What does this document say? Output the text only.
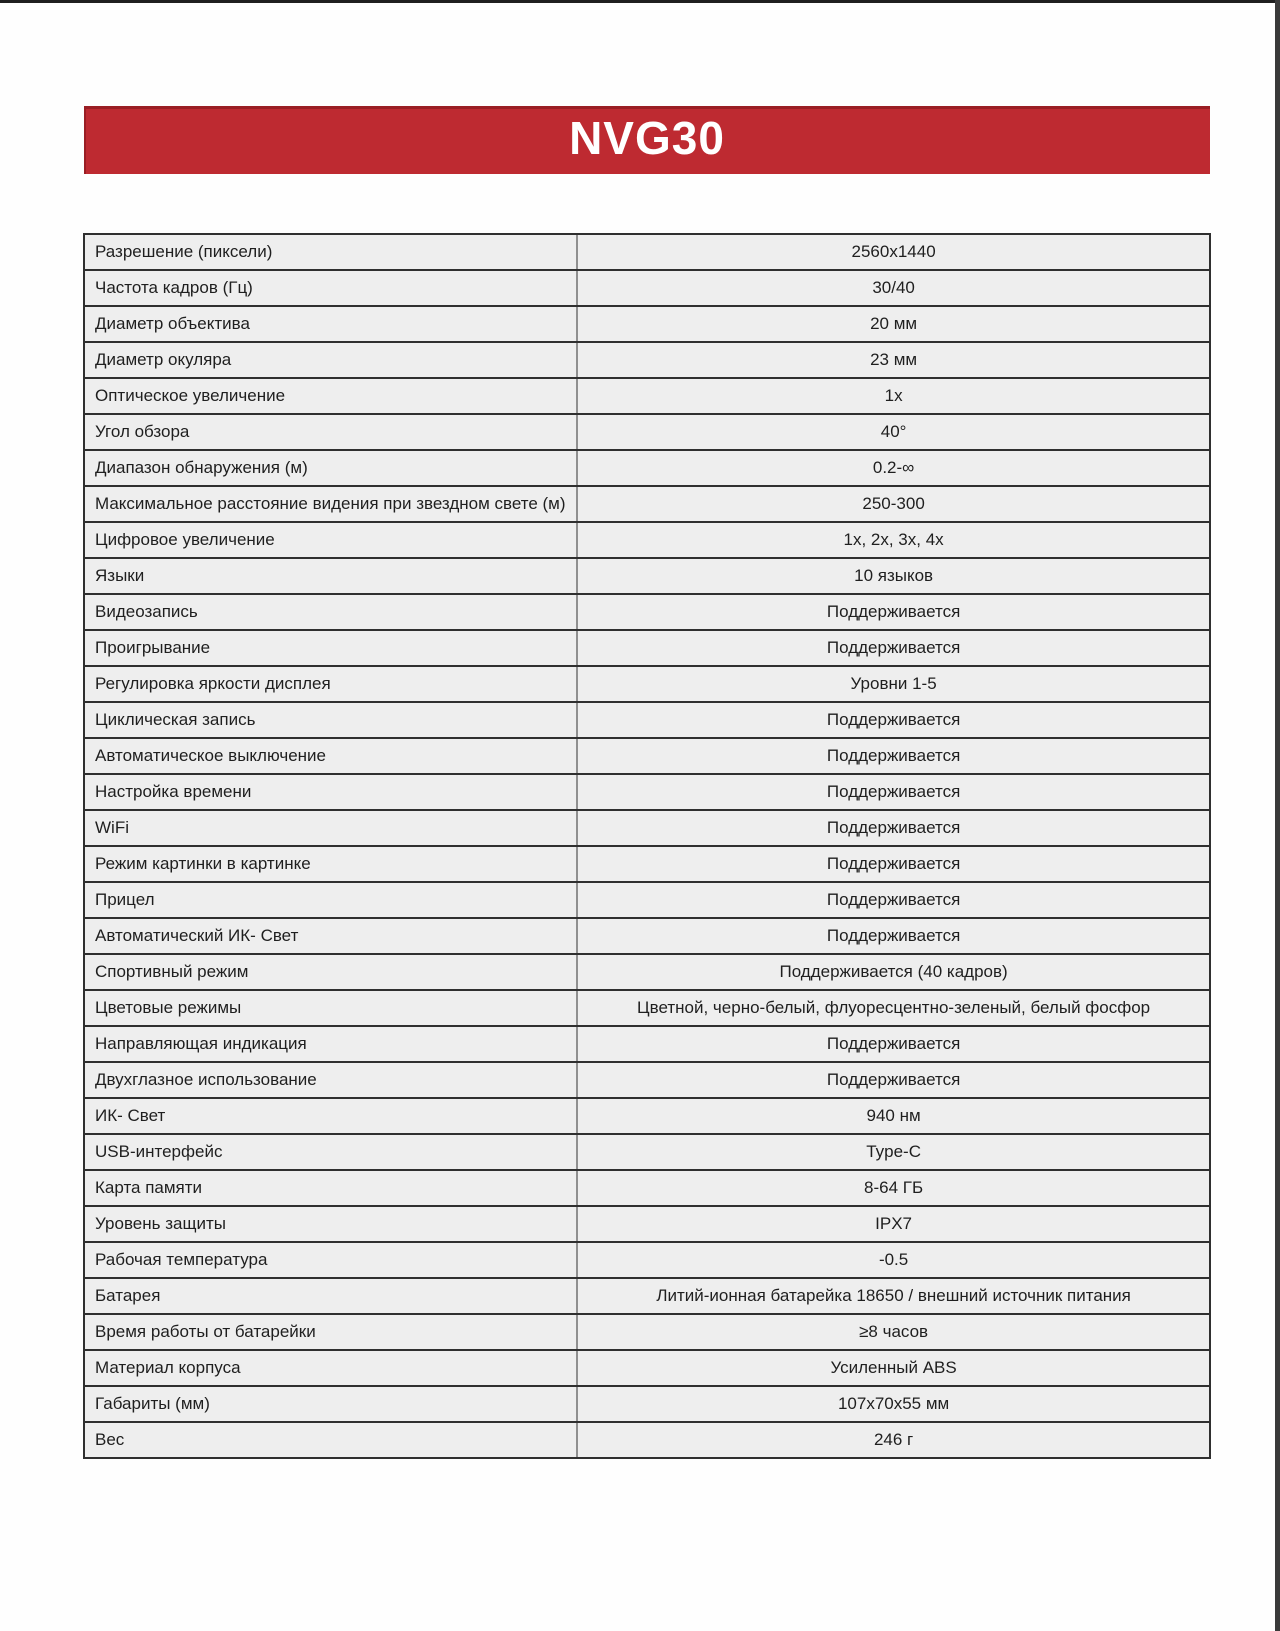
NVG30
Разрешение (пиксели)	2560x1440
Частота кадров (Гц)	30/40
Диаметр объектива	20 мм
Диаметр окуляра	23 мм
Оптическое увеличение	1x
Угол обзора	40°
Диапазон обнаружения (м)	0.2-∞
Максимальное расстояние видения при звездном свете (м)	250-300
Цифровое увеличение	1x, 2x, 3x, 4x
Языки	10 языков
Видеозапись	Поддерживается
Проигрывание	Поддерживается
Регулировка яркости дисплея	Уровни 1-5
Циклическая запись	Поддерживается
Автоматическое выключение	Поддерживается
Настройка времени	Поддерживается
WiFi	Поддерживается
Режим картинки в картинке	Поддерживается
Прицел	Поддерживается
Автоматический ИК- Свет	Поддерживается
Спортивный режим	Поддерживается (40 кадров)
Цветовые режимы	Цветной, черно-белый, флуоресцентно-зеленый, белый фосфор
Направляющая индикация	Поддерживается
Двухглазное использование	Поддерживается
ИК- Свет	940 нм
USB-интерфейс	Type-C
Карта памяти	8-64 ГБ
Уровень защиты	IPX7
Рабочая температура	-0.5
Батарея	Литий-ионная батарейка 18650 / внешний источник питания
Время работы от батарейки	≥8 часов
Материал корпуса	Усиленный ABS
Габариты (мм)	107x70x55 мм
Вес	246 г
